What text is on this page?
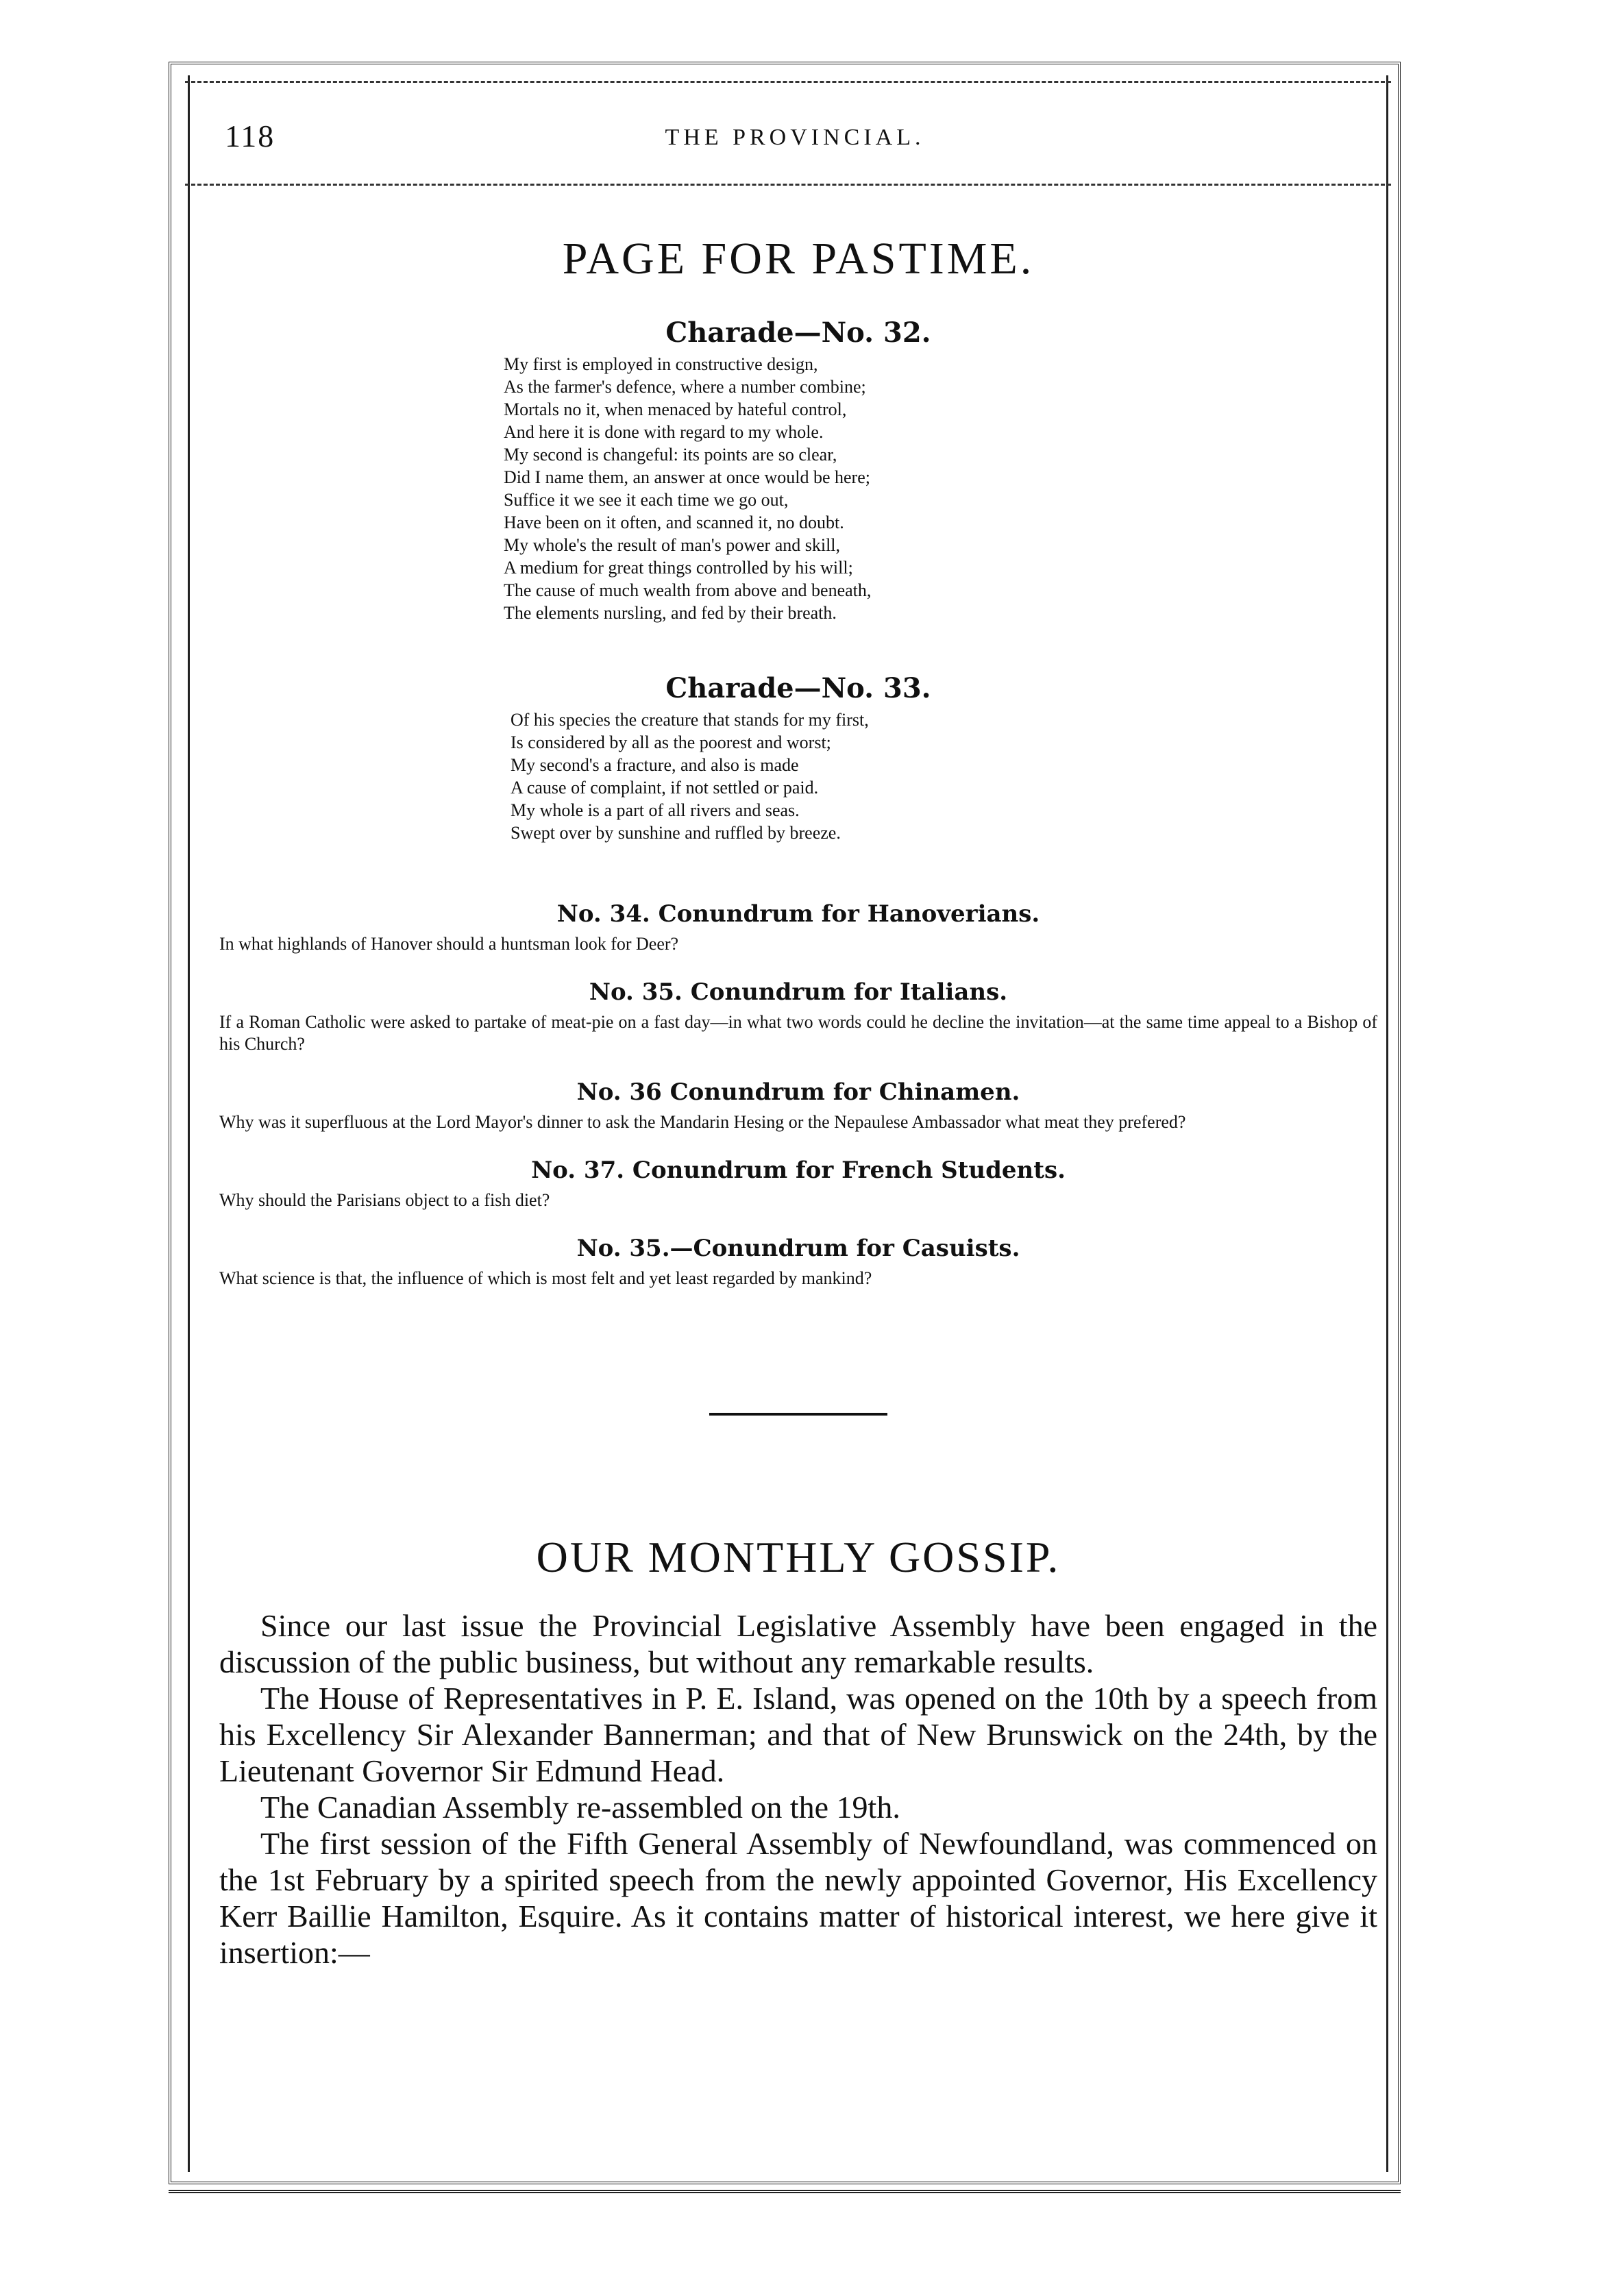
118	THE PROVINCIAL.
PAGE FOR PASTIME.
Charade—No. 32.
My first is employed in constructive design,
As the farmer's defence, where a number combine;
Mortals no it, when menaced by hateful control,
And here it is done with regard to my whole.
My second is changeful: its points are so clear,
Did I name them, an answer at once would be here;
Suffice it we see it each time we go out,
Have been on it often, and scanned it, no doubt.
My whole's the result of man's power and skill,
A medium for great things controlled by his will;
The cause of much wealth from above and beneath,
The elements nursling, and fed by their breath.
Charade—No. 33.
Of his species the creature that stands for my first,
Is considered by all as the poorest and worst;
My second's a fracture, and also is made
A cause of complaint, if not settled or paid.
My whole is a part of all rivers and seas.
Swept over by sunshine and ruffled by breeze.
No. 34. Conundrum for Hanoverians.

In what highlands of Hanover should a huntsman look for Deer?

No. 35. Conundrum for Italians.

If a Roman Catholic were asked to partake of meat-pie on a fast day—in what two words could he decline the invitation—at the same time appeal to a Bishop of his Church?

No. 36 Conundrum for Chinamen.

Why was it superfluous at the Lord Mayor's dinner to ask the Mandarin Hesing or the Nepaulese Ambassador what meat they prefered?

No. 37. Conundrum for French Students.

Why should the Parisians object to a fish diet?

No. 35.—Conundrum for Casuists.

What science is that, the influence of which is most felt and yet least regarded by mankind?

OUR MONTHLY GOSSIP.

Since our last issue the Provincial Legislative Assembly have been engaged in the discussion of the public business, but without any remarkable results.

The House of Representatives in P. E. Island, was opened on the 10th by a speech from his Excellency Sir Alexander Bannerman; and that of New Brunswick on the 24th, by the Lieutenant Governor Sir Edmund Head.

The Canadian Assembly re-assembled on the 19th.

The first session of the Fifth General Assembly of Newfoundland, was commenced on the 1st February by a spirited speech from the newly appointed Governor, His Excellency Kerr Baillie Hamilton, Esquire. As it contains matter of historical interest, we here give it insertion:—
